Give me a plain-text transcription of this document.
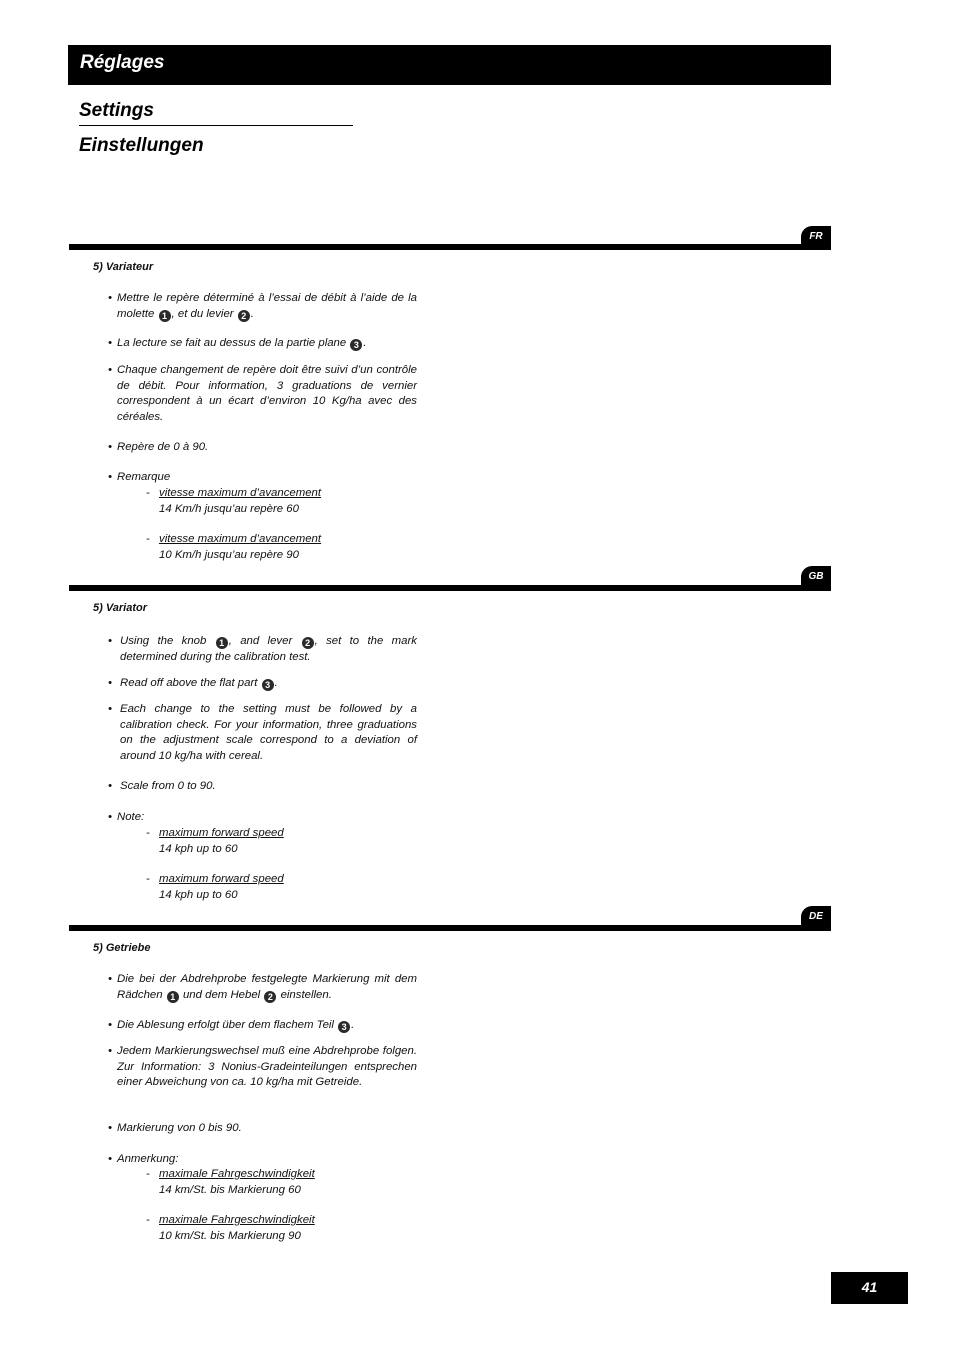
Réglages
Settings
Einstellungen
FR
5) Variateur
• Mettre le repère déterminé à l’essai de débit à l’aide de la molette 1 , et du levier 2 .
• La lecture se fait au dessus de la partie plane 3 .
• Chaque changement de repère doit être suivi d’un contrôle de débit. Pour information, 3 graduations de vernier correspondent à un écart d’environ 10 Kg/ha avec des céréales.
• Repère de 0 à 90.
• Remarque
- vitesse maximum d’avancement
14 Km/h jusqu’au repère 60
- vitesse maximum d’avancement
10 Km/h jusqu’au repère 90
GB
5) Variator
• Using the knob 1 , and lever 2 , set to the mark determined during the calibration test.
• Read off above the flat part 3 .
• Each change to the setting must be followed by a calibration check. For your information, three graduations on the adjustment scale correspond to a deviation of around 10 kg/ha with cereal.
• Scale from 0 to 90.
• Note:
- maximum forward speed
14 kph up to 60
- maximum forward speed
14 kph up to 60
DE
5) Getriebe
• Die bei der Abdrehprobe festgelegte Markierung mit dem Rädchen 1 und dem Hebel 2 einstellen.
• Die Ablesung erfolgt über dem flachem Teil 3 .
• Jedem Markierungswechsel muß eine Abdrehprobe folgen. Zur Information: 3 Nonius-Gradeinteilungen entsprechen einer Abweichung von ca. 10 kg/ha mit Getreide.
• Markierung von 0 bis 90.
• Anmerkung:
- maximale Fahrgeschwindigkeit
14 km/St. bis Markierung 60
- maximale Fahrgeschwindigkeit
10 km/St. bis Markierung 90
41
